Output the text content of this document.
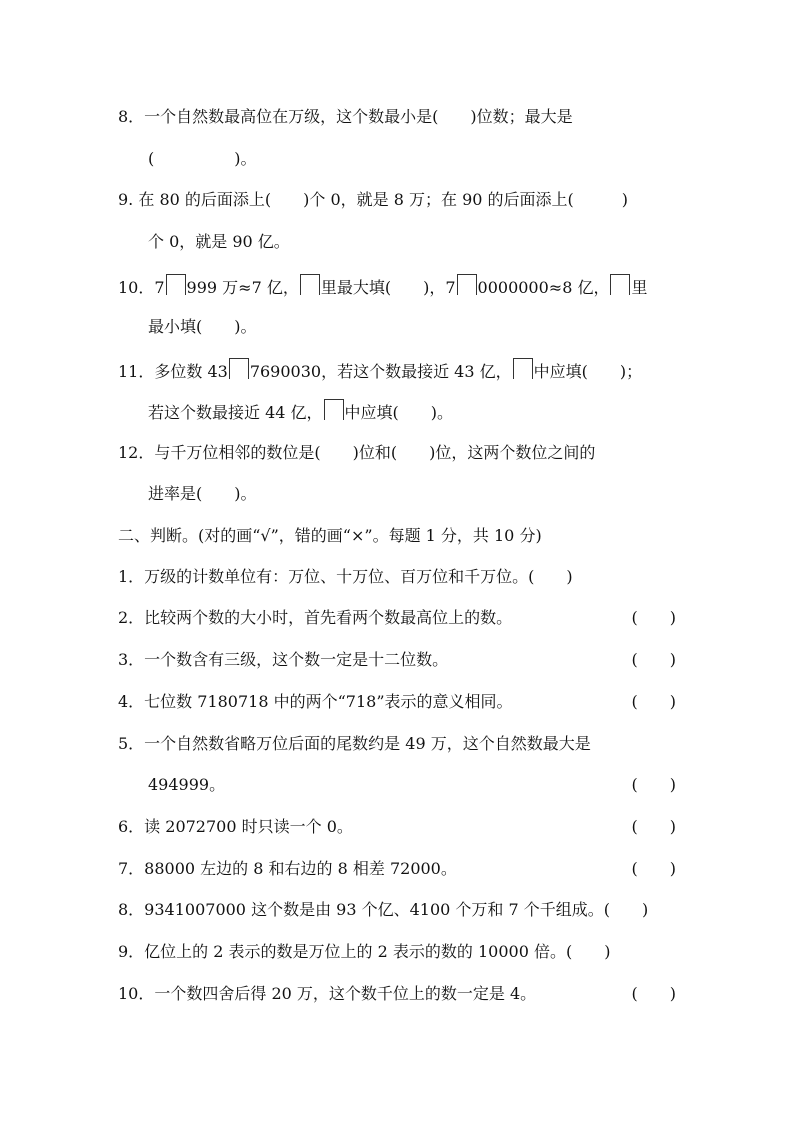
8．一个自然数最高位在万级，这个数最小是(　　)位数；最大是
(　　　　　)。
9. 在 80 的后面添上(　　)个 0，就是 8 万；在 90 的后面添上(　　　)
个 0，就是 90 亿。
10．7 999 万≈7 亿， 里最大填(　　)，7 0000000≈8 亿， 里
最小填(　　)。
11．多位数 43 7690030，若这个数最接近 43 亿， 中应填(　　)；
若这个数最接近 44 亿， 中应填(　　)。
12．与千万位相邻的数位是(　　)位和(　　)位，这两个数位之间的
进率是(　　)。
二、判断。(对的画“√”，错的画“×”。每题 1 分，共 10 分)
1．万级的计数单位有：万位、十万位、百万位和千万位。(　　)
2．比较两个数的大小时，首先看两个数最高位上的数。	(　　)
3．一个数含有三级，这个数一定是十二位数。	(　　)
4．七位数 7180718 中的两个“718”表示的意义相同。	(　　)
5．一个自然数省略万位后面的尾数约是 49 万，这个自然数最大是
494999。	(　　)
6．读 2072700 时只读一个 0。	(　　)
7．88000 左边的 8 和右边的 8 相差 72000。	(　　)
8．9341007000 这个数是由 93 个亿、4100 个万和 7 个千组成。(　　)
9．亿位上的 2 表示的数是万位上的 2 表示的数的 10000 倍。(　　)
10．一个数四舍后得 20 万，这个数千位上的数一定是 4。	(　　)
